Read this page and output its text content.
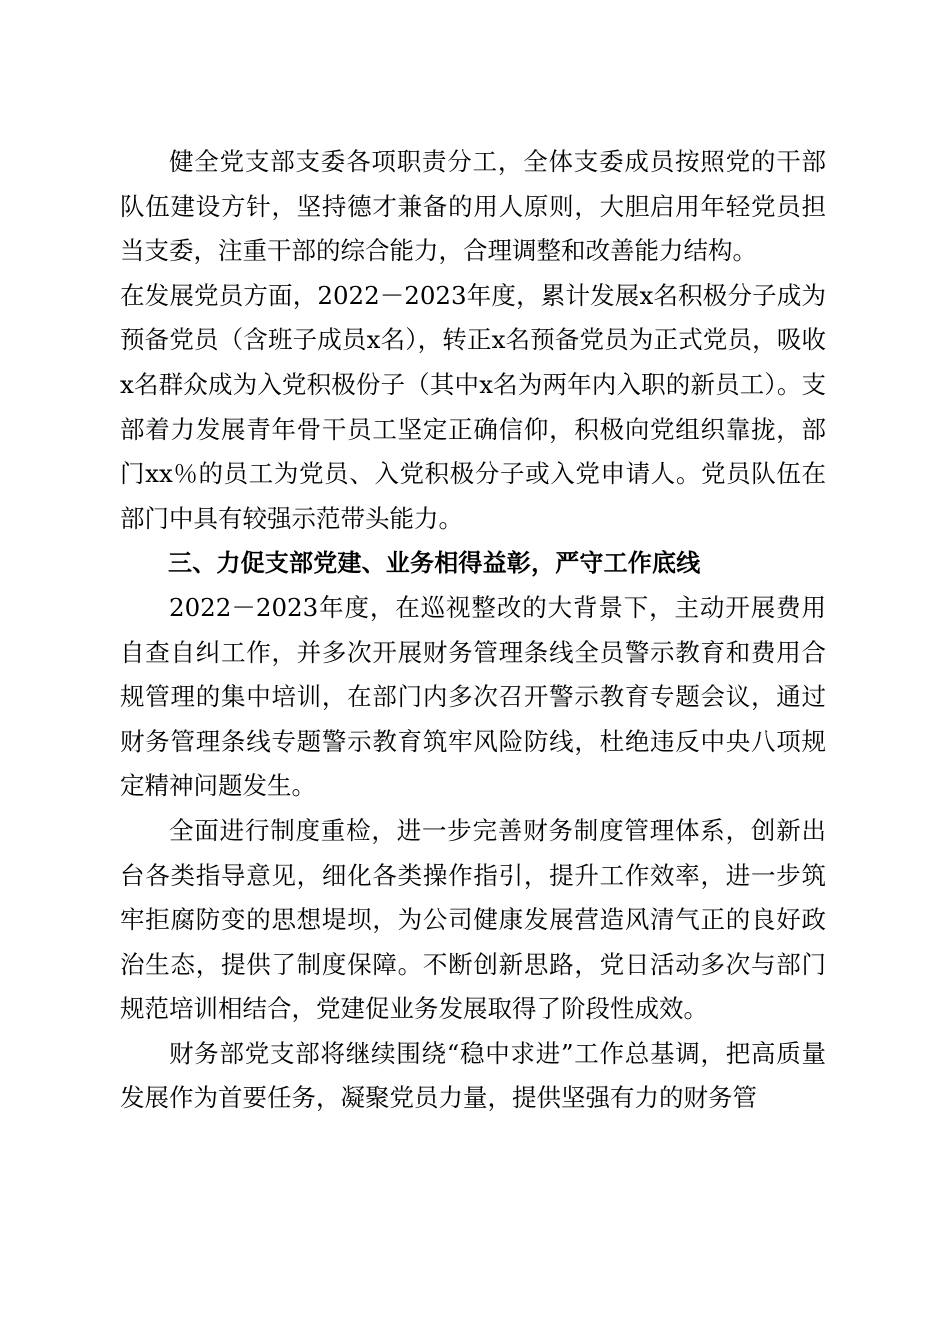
健全党支部支委各项职责分工，全体支委成员按照党的干部队伍建设方针，坚持德才兼备的用人原则，大胆启用年轻党员担当支委，注重干部的综合能力，合理调整和改善能力结构。

在发展党员方面，2022－2023年度，累计发展x名积极分子成为预备党员（含班子成员x名），转正x名预备党员为正式党员，吸收x名群众成为入党积极份子（其中x名为两年内入职的新员工）。支部着力发展青年骨干员工坚定正确信仰，积极向党组织靠拢，部门xx％的员工为党员、入党积极分子或入党申请人。党员队伍在部门中具有较强示范带头能力。

三、力促支部党建、业务相得益彰，严守工作底线

2022－2023年度，在巡视整改的大背景下，主动开展费用自查自纠工作，并多次开展财务管理条线全员警示教育和费用合规管理的集中培训，在部门内多次召开警示教育专题会议，通过财务管理条线专题警示教育筑牢风险防线，杜绝违反中央八项规定精神问题发生。

全面进行制度重检，进一步完善财务制度管理体系，创新出台各类指导意见，细化各类操作指引，提升工作效率，进一步筑牢拒腐防变的思想堤坝，为公司健康发展营造风清气正的良好政治生态，提供了制度保障。不断创新思路，党日活动多次与部门规范培训相结合，党建促业务发展取得了阶段性成效。

财务部党支部将继续围绕“稳中求进”工作总基调，把高质量发展作为首要任务，凝聚党员力量，提供坚强有力的财务管
